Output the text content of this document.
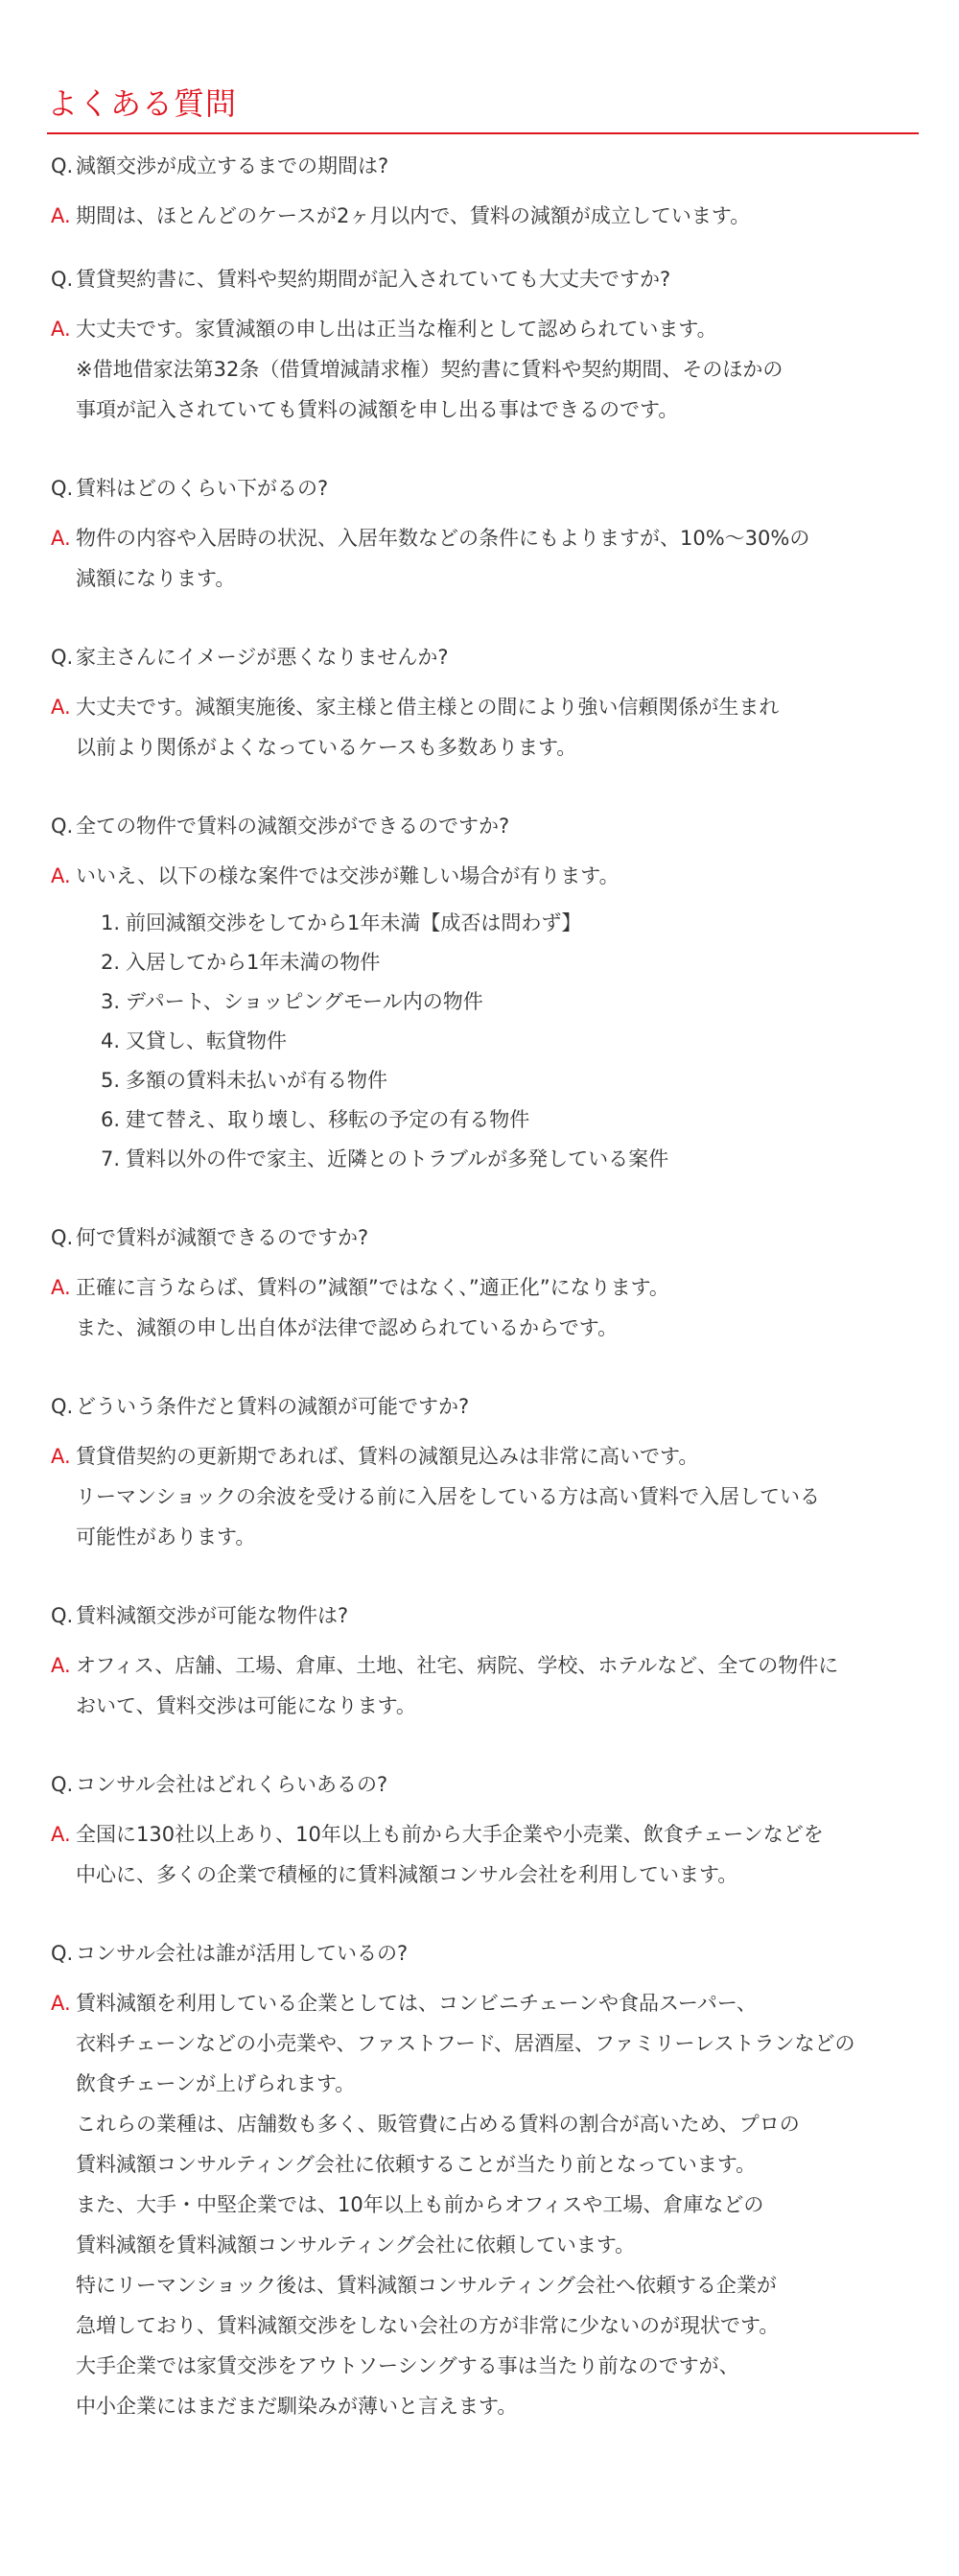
よくある質問
Q. 減額交渉が成立するまでの期間は?
A. 期間は、ほとんどのケースが2ヶ月以内で、賃料の減額が成立しています。
Q. 賃貸契約書に、賃料や契約期間が記入されていても大丈夫ですか?
A. 大丈夫です。家賃減額の申し出は正当な権利として認められています。
※借地借家法第32条（借賃増減請求権）契約書に賃料や契約期間、そのほかの
事項が記入されていても賃料の減額を申し出る事はできるのです。
Q. 賃料はどのくらい下がるの?
A. 物件の内容や入居時の状況、入居年数などの条件にもよりますが、10%～30%の
減額になります。
Q. 家主さんにイメージが悪くなりませんか?
A. 大丈夫です。減額実施後、家主様と借主様との間により強い信頼関係が生まれ
以前より関係がよくなっているケースも多数あります。
Q. 全ての物件で賃料の減額交渉ができるのですか?
A. いいえ、以下の様な案件では交渉が難しい場合が有ります。
1. 前回減額交渉をしてから1年未満【成否は問わず】
2. 入居してから1年未満の物件
3. デパート、ショッピングモール内の物件
4. 又貸し、転貸物件
5. 多額の賃料未払いが有る物件
6. 建て替え、取り壊し、移転の予定の有る物件
7. 賃料以外の件で家主、近隣とのトラブルが多発している案件
Q. 何で賃料が減額できるのですか?
A. 正確に言うならば、賃料の”減額”ではなく、”適正化”になります。
また、減額の申し出自体が法律で認められているからです。
Q. どういう条件だと賃料の減額が可能ですか?
A. 賃貸借契約の更新期であれば、賃料の減額見込みは非常に高いです。
リーマンショックの余波を受ける前に入居をしている方は高い賃料で入居している
可能性があります。
Q. 賃料減額交渉が可能な物件は?
A. オフィス、店舗、工場、倉庫、土地、社宅、病院、学校、ホテルなど、全ての物件に
おいて、賃料交渉は可能になります。
Q. コンサル会社はどれくらいあるの?
A. 全国に130社以上あり、10年以上も前から大手企業や小売業、飲食チェーンなどを
中心に、多くの企業で積極的に賃料減額コンサル会社を利用しています。
Q. コンサル会社は誰が活用しているの?
A. 賃料減額を利用している企業としては、コンビニチェーンや食品スーパー、
衣料チェーンなどの小売業や、ファストフード、居酒屋、ファミリーレストランなどの
飲食チェーンが上げられます。
これらの業種は、店舗数も多く、販管費に占める賃料の割合が高いため、プロの
賃料減額コンサルティング会社に依頼することが当たり前となっています。
また、大手・中堅企業では、10年以上も前からオフィスや工場、倉庫などの
賃料減額を賃料減額コンサルティング会社に依頼しています。
特にリーマンショック後は、賃料減額コンサルティング会社へ依頼する企業が
急増しており、賃料減額交渉をしない会社の方が非常に少ないのが現状です。
大手企業では家賃交渉をアウトソーシングする事は当たり前なのですが、
中小企業にはまだまだ馴染みが薄いと言えます。
